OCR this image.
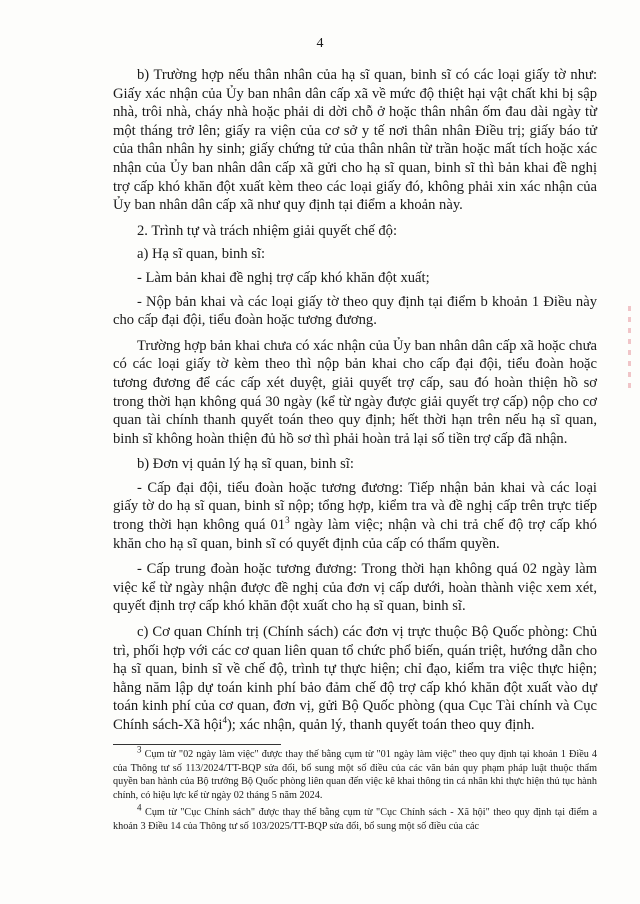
4

b) Trường hợp nếu thân nhân của hạ sĩ quan, binh sĩ có các loại giấy tờ như: Giấy xác nhận của Ủy ban nhân dân cấp xã về mức độ thiệt hại vật chất khi bị sập nhà, trôi nhà, cháy nhà hoặc phải di dời chỗ ở hoặc thân nhân ốm đau dài ngày từ một tháng trở lên; giấy ra viện của cơ sở y tế nơi thân nhân Điều trị; giấy báo tử của thân nhân hy sinh; giấy chứng tử của thân nhân từ trần hoặc mất tích hoặc xác nhận của Ủy ban nhân dân cấp xã gửi cho hạ sĩ quan, binh sĩ thì bản khai đề nghị trợ cấp khó khăn đột xuất kèm theo các loại giấy đó, không phải xin xác nhận của Ủy ban nhân dân cấp xã như quy định tại điểm a khoản này.

2. Trình tự và trách nhiệm giải quyết chế độ:

a) Hạ sĩ quan, binh sĩ:

- Làm bản khai đề nghị trợ cấp khó khăn đột xuất;

- Nộp bản khai và các loại giấy tờ theo quy định tại điểm b khoản 1 Điều này cho cấp đại đội, tiểu đoàn hoặc tương đương.

Trường hợp bản khai chưa có xác nhận của Ủy ban nhân dân cấp xã hoặc chưa có các loại giấy tờ kèm theo thì nộp bản khai cho cấp đại đội, tiểu đoàn hoặc tương đương để các cấp xét duyệt, giải quyết trợ cấp, sau đó hoàn thiện hồ sơ trong thời hạn không quá 30 ngày (kể từ ngày được giải quyết trợ cấp) nộp cho cơ quan tài chính thanh quyết toán theo quy định; hết thời hạn trên nếu hạ sĩ quan, binh sĩ không hoàn thiện đủ hồ sơ thì phải hoàn trả lại số tiền trợ cấp đã nhận.

b) Đơn vị quản lý hạ sĩ quan, binh sĩ:

- Cấp đại đội, tiểu đoàn hoặc tương đương: Tiếp nhận bản khai và các loại giấy tờ do hạ sĩ quan, binh sĩ nộp; tổng hợp, kiểm tra và đề nghị cấp trên trực tiếp trong thời hạn không quá $01^3$ ngày làm việc; nhận và chi trả chế độ trợ cấp khó khăn cho hạ sĩ quan, binh sĩ có quyết định của cấp có thẩm quyền.

- Cấp trung đoàn hoặc tương đương: Trong thời hạn không quá 02 ngày làm việc kể từ ngày nhận được đề nghị của đơn vị cấp dưới, hoàn thành việc xem xét, quyết định trợ cấp khó khăn đột xuất cho hạ sĩ quan, binh sĩ.

c) Cơ quan Chính trị (Chính sách) các đơn vị trực thuộc Bộ Quốc phòng: Chủ trì, phối hợp với các cơ quan liên quan tổ chức phổ biến, quán triệt, hướng dẫn cho hạ sĩ quan, binh sĩ về chế độ, trình tự thực hiện; chỉ đạo, kiểm tra việc thực hiện; hằng năm lập dự toán kinh phí bảo đảm chế độ trợ cấp khó khăn đột xuất vào dự toán kinh phí của cơ quan, đơn vị, gửi Bộ Quốc phòng (qua Cục Tài chính và Cục Chính sách-Xã hội$^4$); xác nhận, quản lý, thanh quyết toán theo quy định.

$^3$ Cụm từ "02 ngày làm việc" được thay thế bằng cụm từ "01 ngày làm việc" theo quy định tại khoản 1 Điều 4 của Thông tư số 113/2024/TT-BQP sửa đổi, bổ sung một số điều của các văn bản quy phạm pháp luật thuộc thẩm quyền ban hành của Bộ trưởng Bộ Quốc phòng liên quan đến việc kê khai thông tin cá nhân khi thực hiện thủ tục hành chính, có hiệu lực kể từ ngày 02 tháng 5 năm 2024.

$^4$ Cụm từ "Cục Chính sách" được thay thế bằng cụm từ "Cục Chính sách - Xã hội" theo quy định tại điểm a khoản 3 Điều 14 của Thông tư số 103/2025/TT-BQP sửa đổi, bổ sung một số điều của các
